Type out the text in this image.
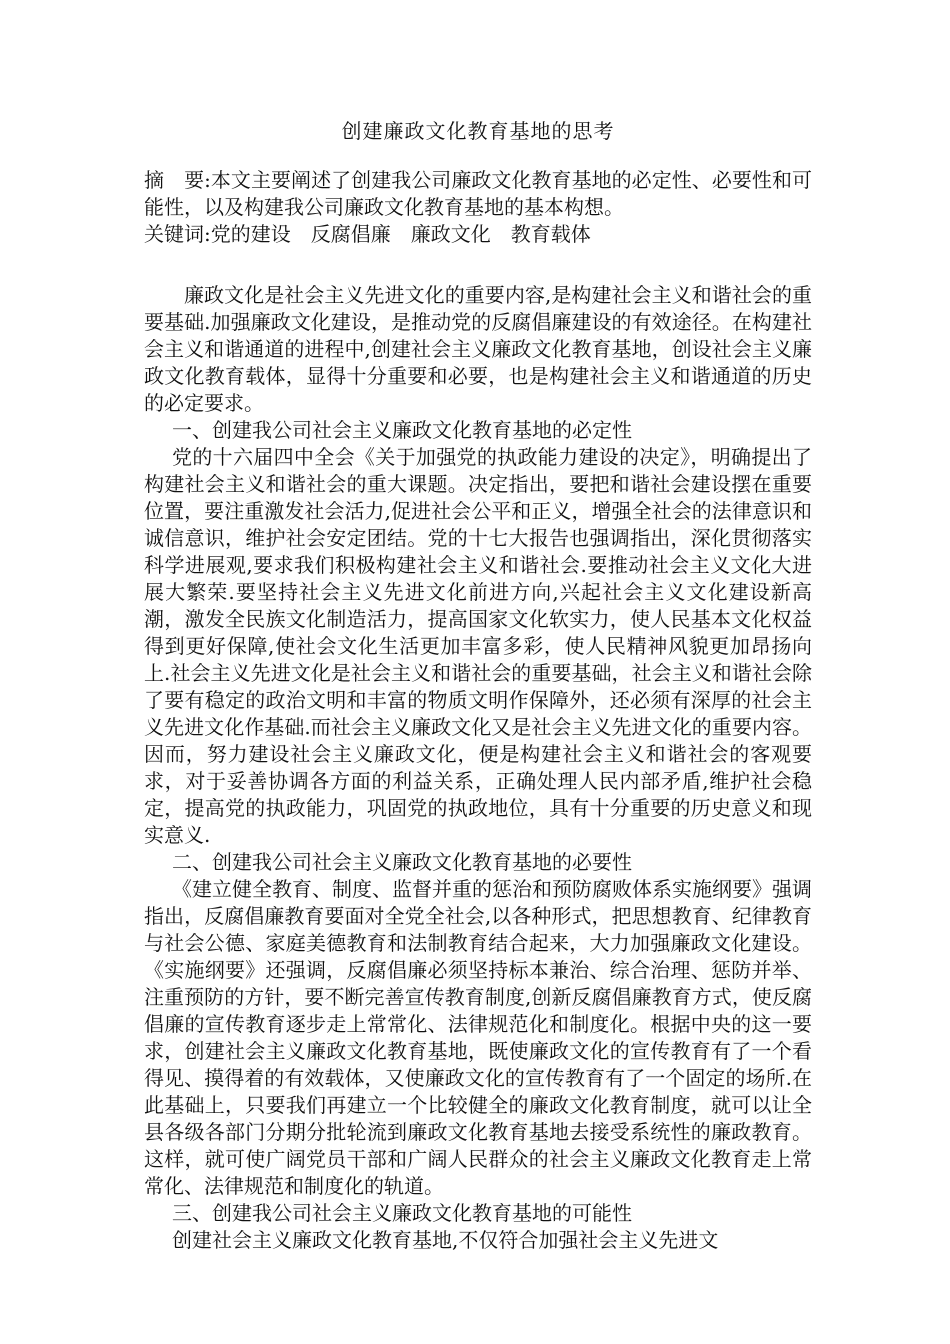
创建廉政文化教育基地的思考

摘　要:本文主要阐述了创建我公司廉政文化教育基地的必定性、必要性和可能性，以及构建我公司廉政文化教育基地的基本构想。

关键词:党的建设　反腐倡廉　廉政文化　教育载体

廉政文化是社会主义先进文化的重要内容,是构建社会主义和谐社会的重要基础.加强廉政文化建设，是推动党的反腐倡廉建设的有效途径。在构建社会主义和谐通道的进程中,创建社会主义廉政文化教育基地，创设社会主义廉政文化教育载体，显得十分重要和必要，也是构建社会主义和谐通道的历史的必定要求。

一、创建我公司社会主义廉政文化教育基地的必定性

党的十六届四中全会《关于加强党的执政能力建设的决定》，明确提出了构建社会主义和谐社会的重大课题。决定指出，要把和谐社会建设摆在重要位置，要注重激发社会活力,促进社会公平和正义，增强全社会的法律意识和诚信意识，维护社会安定团结。党的十七大报告也强调指出，深化贯彻落实科学进展观,要求我们积极构建社会主义和谐社会.要推动社会主义文化大进展大繁荣.要坚持社会主义先进文化前进方向,兴起社会主义文化建设新高潮，激发全民族文化制造活力，提高国家文化软实力，使人民基本文化权益得到更好保障,使社会文化生活更加丰富多彩，使人民精神风貌更加昂扬向上.社会主义先进文化是社会主义和谐社会的重要基础，社会主义和谐社会除了要有稳定的政治文明和丰富的物质文明作保障外，还必须有深厚的社会主义先进文化作基础.而社会主义廉政文化又是社会主义先进文化的重要内容。因而，努力建设社会主义廉政文化，便是构建社会主义和谐社会的客观要求，对于妥善协调各方面的利益关系，正确处理人民内部矛盾,维护社会稳定，提高党的执政能力，巩固党的执政地位，具有十分重要的历史意义和现实意义.

二、创建我公司社会主义廉政文化教育基地的必要性

《建立健全教育、制度、监督并重的惩治和预防腐败体系实施纲要》强调指出，反腐倡廉教育要面对全党全社会,以各种形式，把思想教育、纪律教育与社会公德、家庭美德教育和法制教育结合起来，大力加强廉政文化建设。《实施纲要》还强调，反腐倡廉必须坚持标本兼治、综合治理、惩防并举、注重预防的方针，要不断完善宣传教育制度,创新反腐倡廉教育方式，使反腐倡廉的宣传教育逐步走上常常化、法律规范化和制度化。根据中央的这一要求，创建社会主义廉政文化教育基地，既使廉政文化的宣传教育有了一个看得见、摸得着的有效载体，又使廉政文化的宣传教育有了一个固定的场所.在此基础上，只要我们再建立一个比较健全的廉政文化教育制度，就可以让全县各级各部门分期分批轮流到廉政文化教育基地去接受系统性的廉政教育。这样，就可使广阔党员干部和广阔人民群众的社会主义廉政文化教育走上常常化、法律规范和制度化的轨道。

三、创建我公司社会主义廉政文化教育基地的可能性

创建社会主义廉政文化教育基地,不仅符合加强社会主义先进文
